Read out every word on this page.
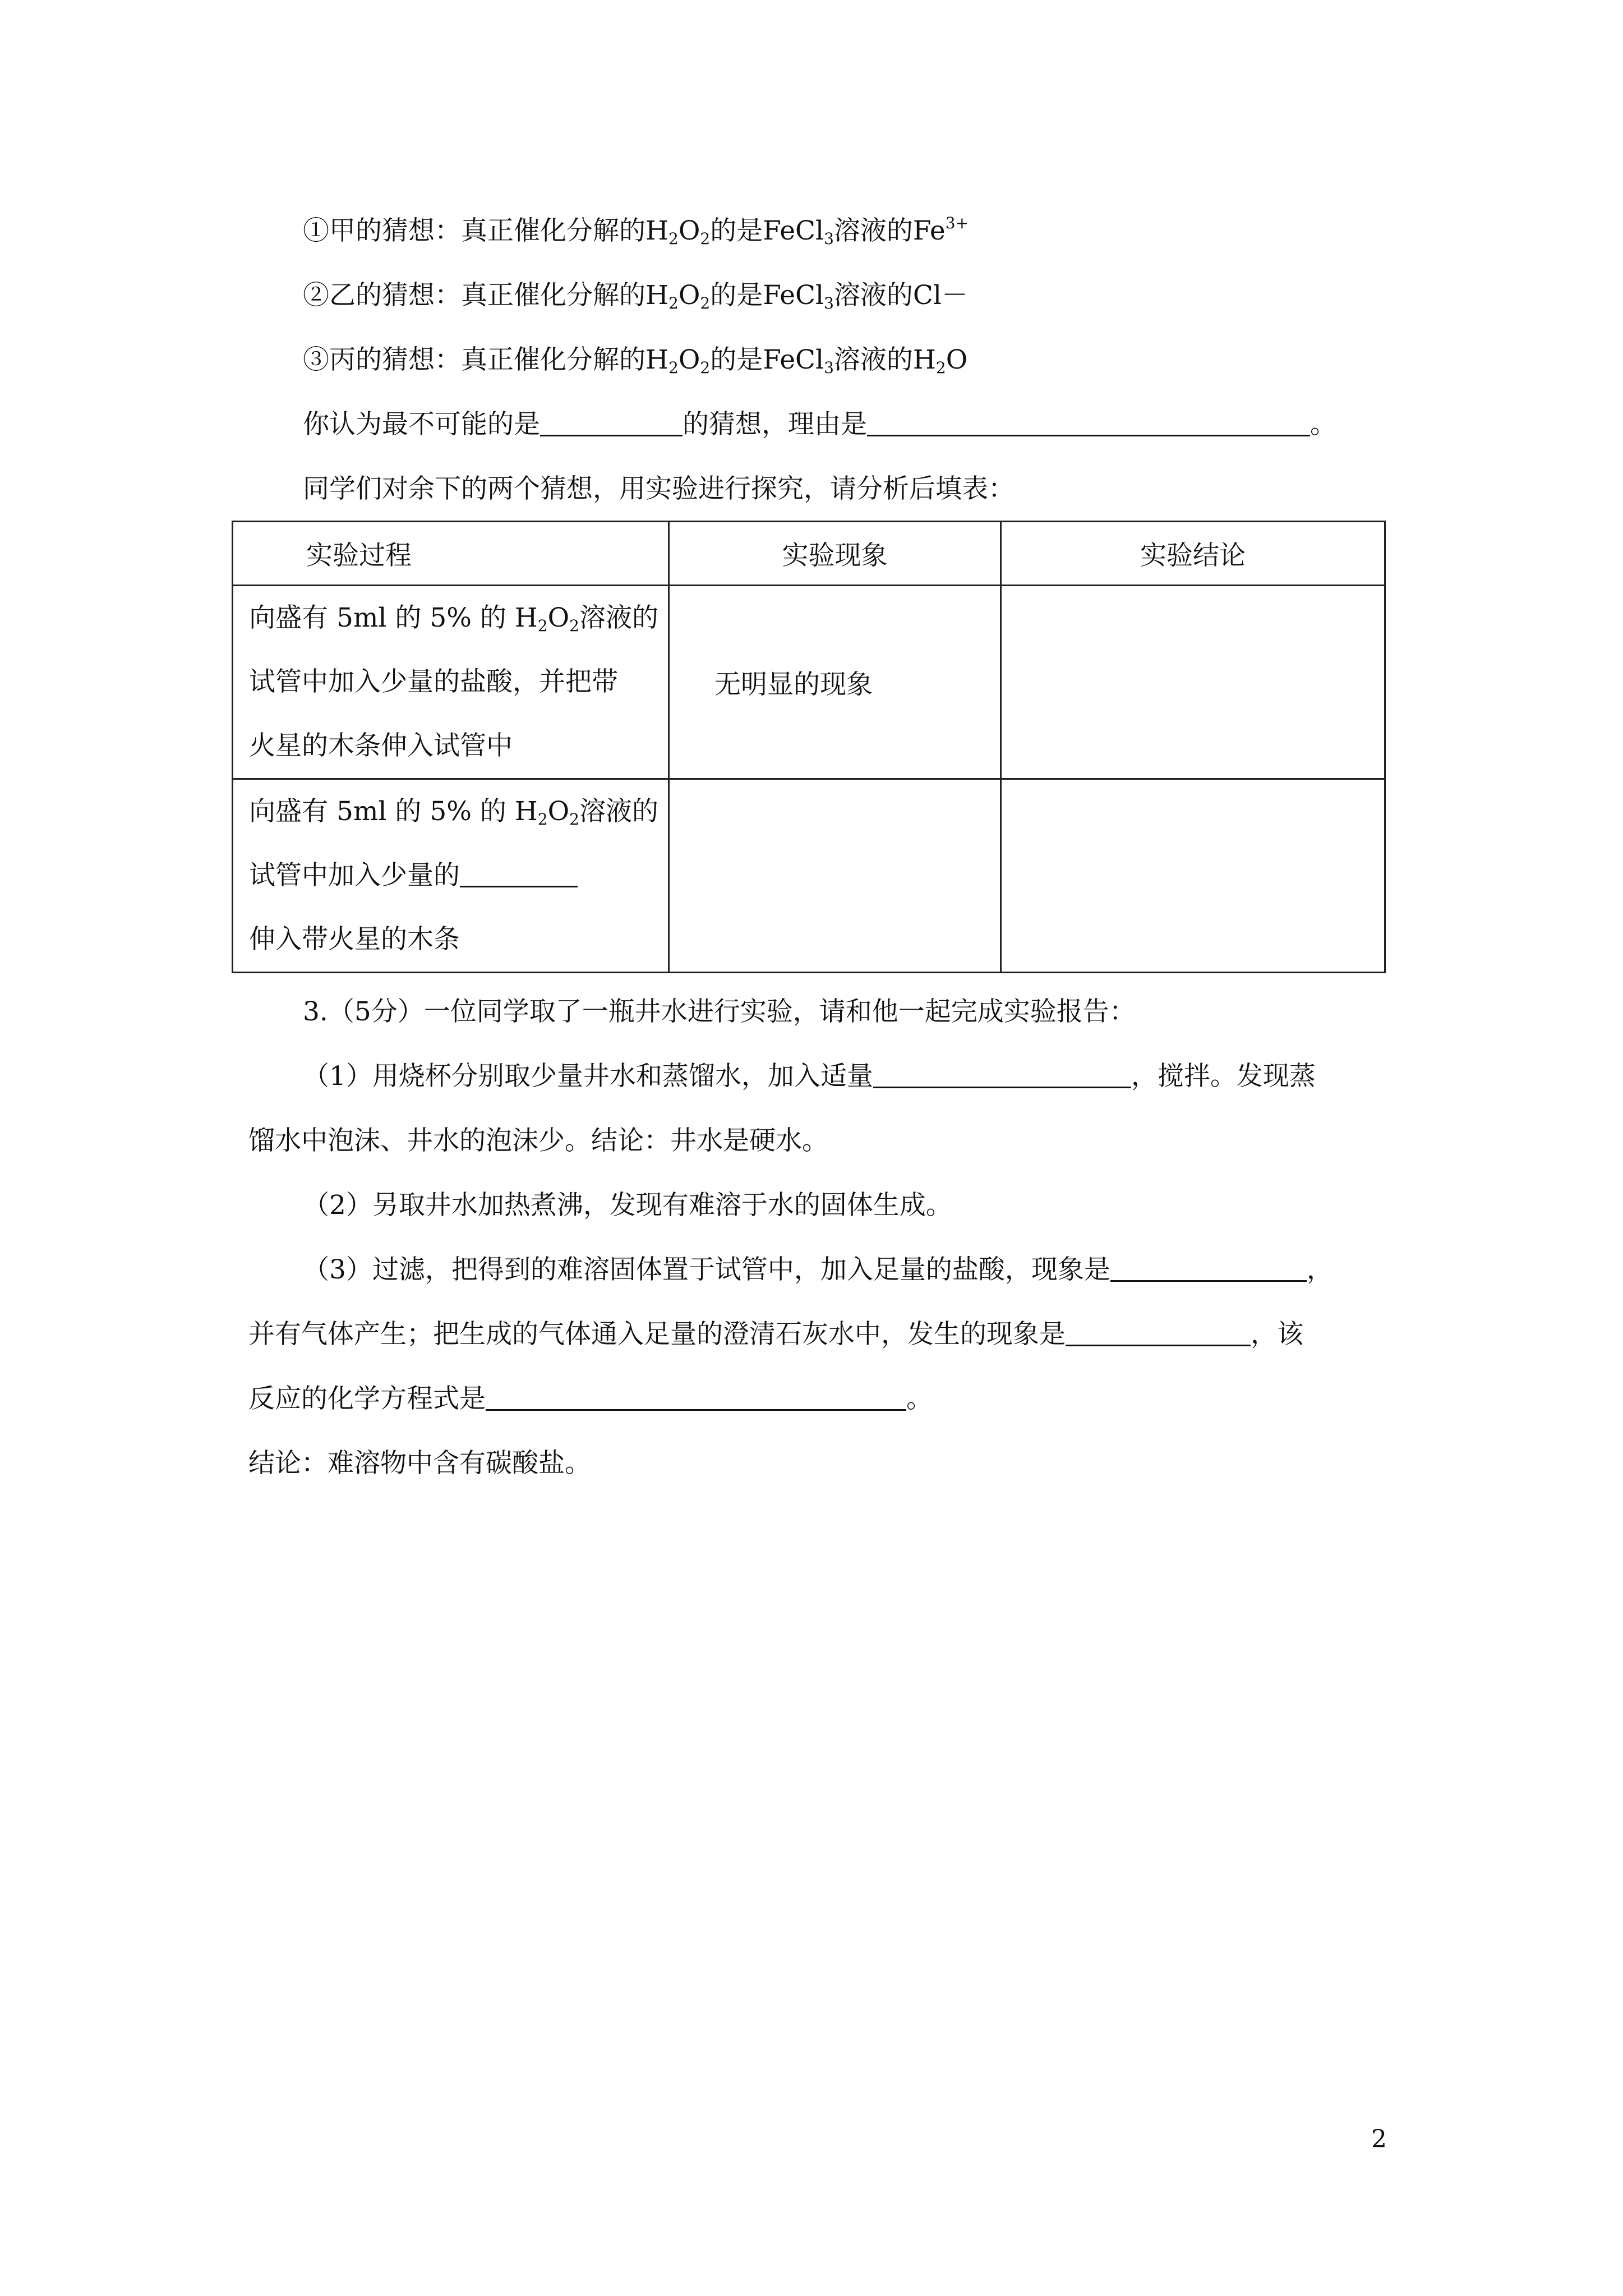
①甲的猜想：真正催化分解的$H_2O_2$的是FeCl$_3$溶液的$Fe^{3+}$
②乙的猜想：真正催化分解的$H_2O_2$的是FeCl$_3$溶液的Cl－
③丙的猜想：真正催化分解的$H_2O_2$的是FeCl$_3$溶液的$H_2O$
你认为最不可能的是	的猜想，理由是	。
同学们对余下的两个猜想，用实验进行探究，请分析后填表：
实验过程	实验现象	实验结论

向盛有 5ml 的 5% 的 $H_2O_2$溶液的
试管中加入少量的盐酸，并把带
火星的木条伸入试管中	无明显的现象	

向盛有 5ml 的 5% 的 $H_2O_2$溶液的
试管中加入少量的
伸入带火星的木条		

3.（5分）一位同学取了一瓶井水进行实验，请和他一起完成实验报告：
（1）用烧杯分别取少量井水和蒸馏水，加入适量	，搅拌。发现蒸
馏水中泡沫、井水的泡沫少。结论：井水是硬水。
（2）另取井水加热煮沸，发现有难溶于水的固体生成。
（3）过滤，把得到的难溶固体置于试管中，加入足量的盐酸，现象是	，
并有气体产生；把生成的气体通入足量的澄清石灰水中，发生的现象是	，该
反应的化学方程式是	。
结论：难溶物中含有碳酸盐。
2
